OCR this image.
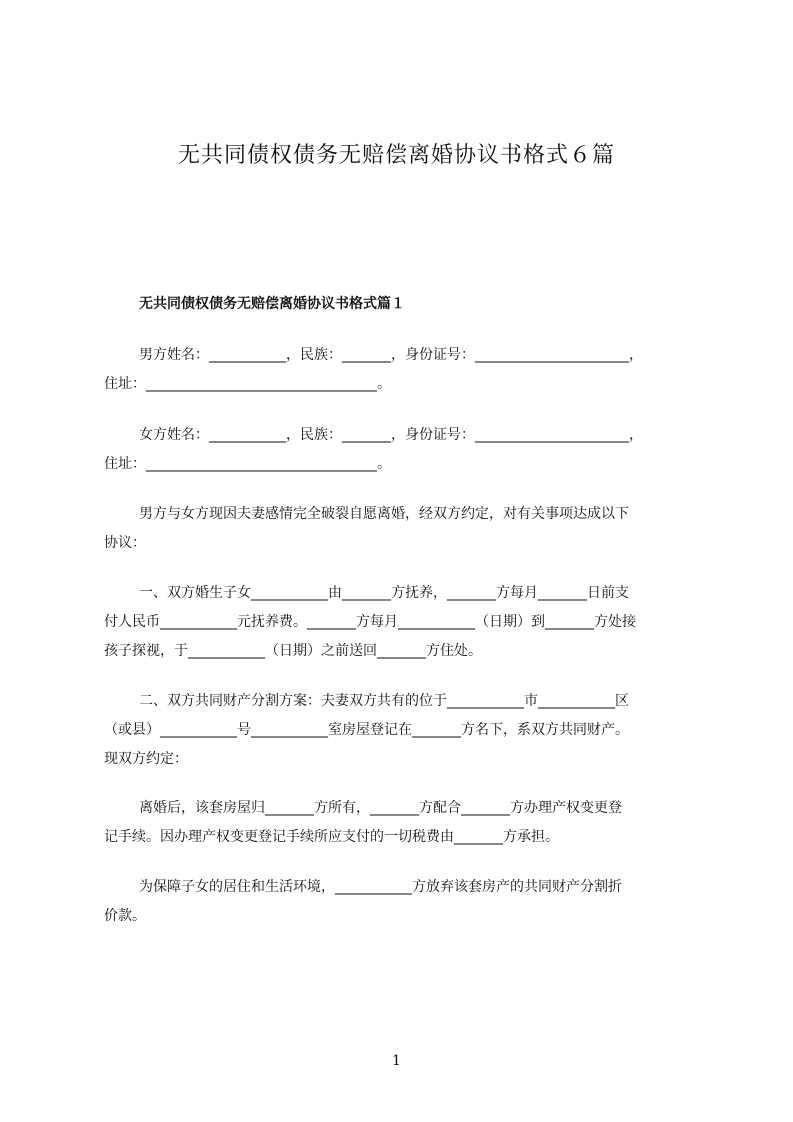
无共同债权债务无赔偿离婚协议书格式６篇
无共同债权债务无赔偿离婚协议书格式篇１
男方姓名：___________，民族：_______，身份证号：______________________，
住址：_________________________________。
女方姓名：___________，民族：_______，身份证号：______________________，
住址：_________________________________。
男方与女方现因夫妻感情完全破裂自愿离婚，经双方约定，对有关事项达成以下
协议：
一、双方婚生子女___________由_______方抚养，_______方每月_______日前支
付人民币___________元抚养费。_______方每月___________（日期）到_______方处接
孩子探视，于___________（日期）之前送回_______方住处。
二、双方共同财产分割方案：夫妻双方共有的位于___________市___________区
（或县）___________号___________室房屋登记在_______方名下，系双方共同财产。
现双方约定：
离婚后，该套房屋归_______方所有，_______方配合_______方办理产权变更登
记手续。因办理产权变更登记手续所应支付的一切税费由_______方承担。
为保障子女的居住和生活环境，___________方放弃该套房产的共同财产分割折
价款。
1
